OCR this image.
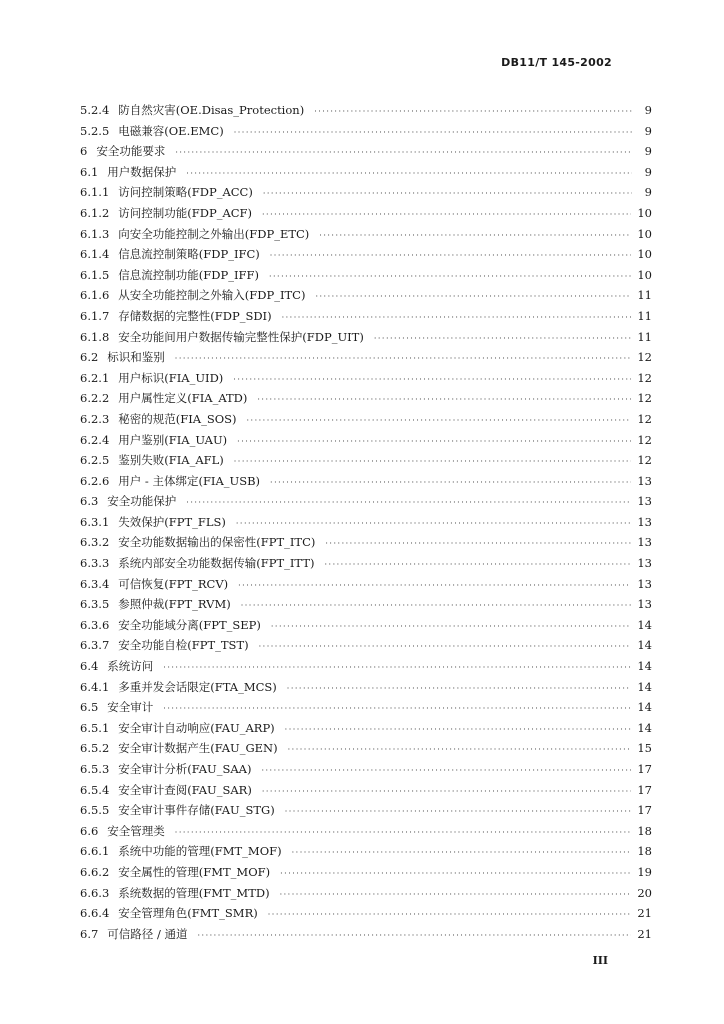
DB11/T 145-2002
5.2.4 防自然灾害(OE.Disas_Protection) ·····	9
5.2.5 电磁兼容(OE.EMC) ·····	9
6 安全功能要求 ·····	9
6.1 用户数据保护 ·····	9
6.1.1 访问控制策略(FDP_ACC) ·····	9
6.1.2 访问控制功能(FDP_ACF) ·····	10
6.1.3 向安全功能控制之外输出(FDP_ETC) ·····	10
6.1.4 信息流控制策略(FDP_IFC) ·····	10
6.1.5 信息流控制功能(FDP_IFF) ·····	10
6.1.6 从安全功能控制之外输入(FDP_ITC) ·····	11
6.1.7 存储数据的完整性(FDP_SDI) ·····	11
6.1.8 安全功能间用户数据传输完整性保护(FDP_UIT) ·····	11
6.2 标识和鉴别 ·····	12
6.2.1 用户标识(FIA_UID) ·····	12
6.2.2 用户属性定义(FIA_ATD) ·····	12
6.2.3 秘密的规范(FIA_SOS) ·····	12
6.2.4 用户鉴别(FIA_UAU) ·····	12
6.2.5 鉴别失败(FIA_AFL) ·····	12
6.2.6 用户 - 主体绑定(FIA_USB) ·····	13
6.3 安全功能保护 ·····	13
6.3.1 失效保护(FPT_FLS) ·····	13
6.3.2 安全功能数据输出的保密性(FPT_ITC) ·····	13
6.3.3 系统内部安全功能数据传输(FPT_ITT) ·····	13
6.3.4 可信恢复(FPT_RCV) ·····	13
6.3.5 参照仲裁(FPT_RVM) ·····	13
6.3.6 安全功能域分离(FPT_SEP) ·····	14
6.3.7 安全功能自检(FPT_TST) ·····	14
6.4 系统访问 ·····	14
6.4.1 多重并发会话限定(FTA_MCS) ·····	14
6.5 安全审计 ·····	14
6.5.1 安全审计自动响应(FAU_ARP) ·····	14
6.5.2 安全审计数据产生(FAU_GEN) ·····	15
6.5.3 安全审计分析(FAU_SAA) ·····	17
6.5.4 安全审计查阅(FAU_SAR) ·····	17
6.5.5 安全审计事件存储(FAU_STG) ·····	17
6.6 安全管理类 ·····	18
6.6.1 系统中功能的管理(FMT_MOF) ·····	18
6.6.2 安全属性的管理(FMT_MOF) ·····	19
6.6.3 系统数据的管理(FMT_MTD) ·····	20
6.6.4 安全管理角色(FMT_SMR) ·····	21
6.7 可信路径 / 通道 ·····	21
III
